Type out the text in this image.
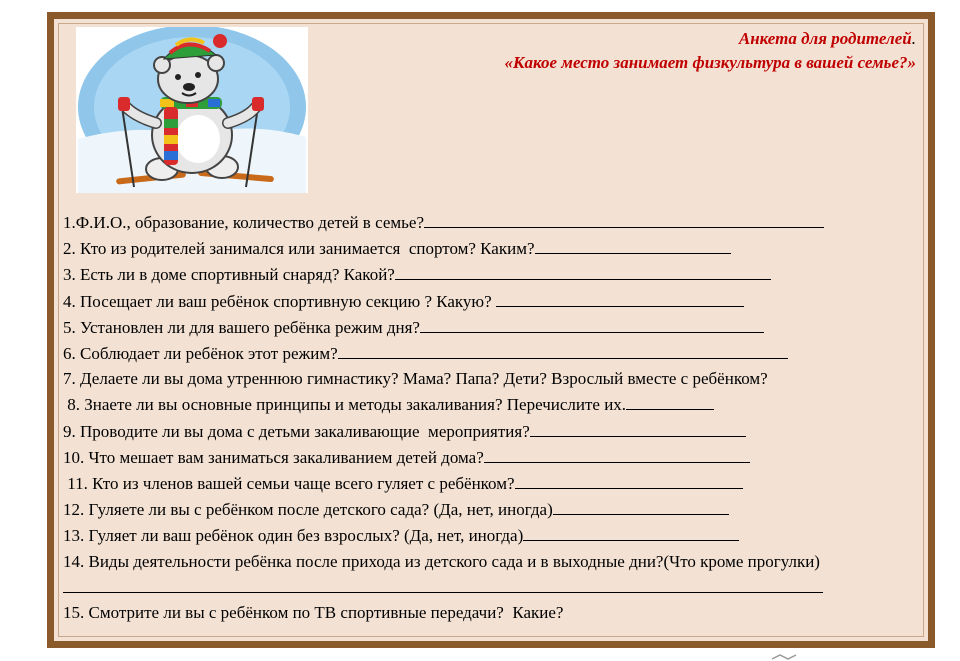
Анкета для родителей.
«Какое место занимает физкультура в вашей семье?»

1.Ф.И.О., образование, количество детей в семье?

2. Кто из родителей занимался или занимается  спортом? Каким?

3. Есть ли в доме спортивный снаряд? Какой?

4. Посещает ли ваш ребёнок спортивную секцию ? Какую?

5. Установлен ли для вашего ребёнка режим дня?

6. Соблюдает ли ребёнок этот режим?

7. Делаете ли вы дома утреннюю гимнастику? Мама? Папа? Дети? Взрослый вместе с ребёнком?

8. Знаете ли вы основные принципы и методы закаливания? Перечислите их.

9. Проводите ли вы дома с детьми закаливающие  мероприятия?

10. Что мешает вам заниматься закаливанием детей дома?

11. Кто из членов вашей семьи чаще всего гуляет с ребёнком?

12. Гуляете ли вы с ребёнком после детского сада? (Да, нет, иногда)

13. Гуляет ли ваш ребёнок один без взрослых? (Да, нет, иногда)

14. Виды деятельности ребёнка после прихода из детского сада и в выходные дни?(Что кроме прогулки)

15. Смотрите ли вы с ребёнком по ТВ спортивные передачи?  Какие?
